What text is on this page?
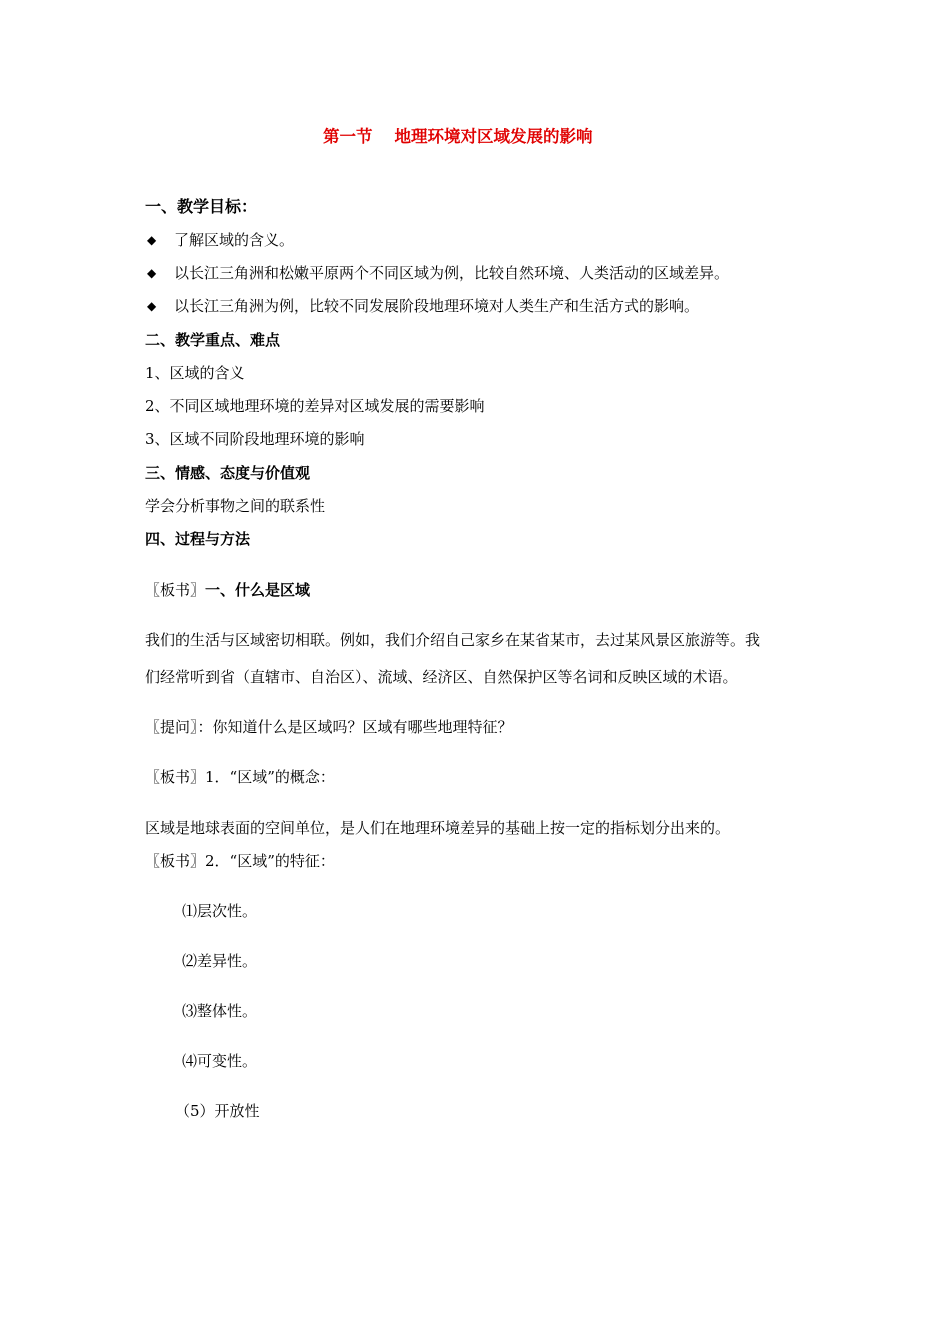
第一节 地理环境对区域发展的影响
一、教学目标：
◆ 了解区域的含义。
◆ 以长江三角洲和松嫩平原两个不同区域为例，比较自然环境、人类活动的区域差异。
◆ 以长江三角洲为例，比较不同发展阶段地理环境对人类生产和生活方式的影响。
二、教学重点、难点
1、区域的含义
2、不同区域地理环境的差异对区域发展的需要影响
3、区域不同阶段地理环境的影响
三、情感、态度与价值观
学会分析事物之间的联系性
四、过程与方法
〖板书〗一、什么是区域
我们的生活与区域密切相联。例如，我们介绍自己家乡在某省某市，去过某风景区旅游等。我
们经常听到省（直辖市、自治区）、流域、经济区、自然保护区等名词和反映区域的术语。
〖提问〗：你知道什么是区域吗？区域有哪些地理特征？
〖板书〗1．“区域”的概念：
区域是地球表面的空间单位，是人们在地理环境差异的基础上按一定的指标划分出来的。
〖板书〗2．“区域”的特征：
⑴层次性。
⑵差异性。
⑶整体性。
⑷可变性。
（5）开放性
